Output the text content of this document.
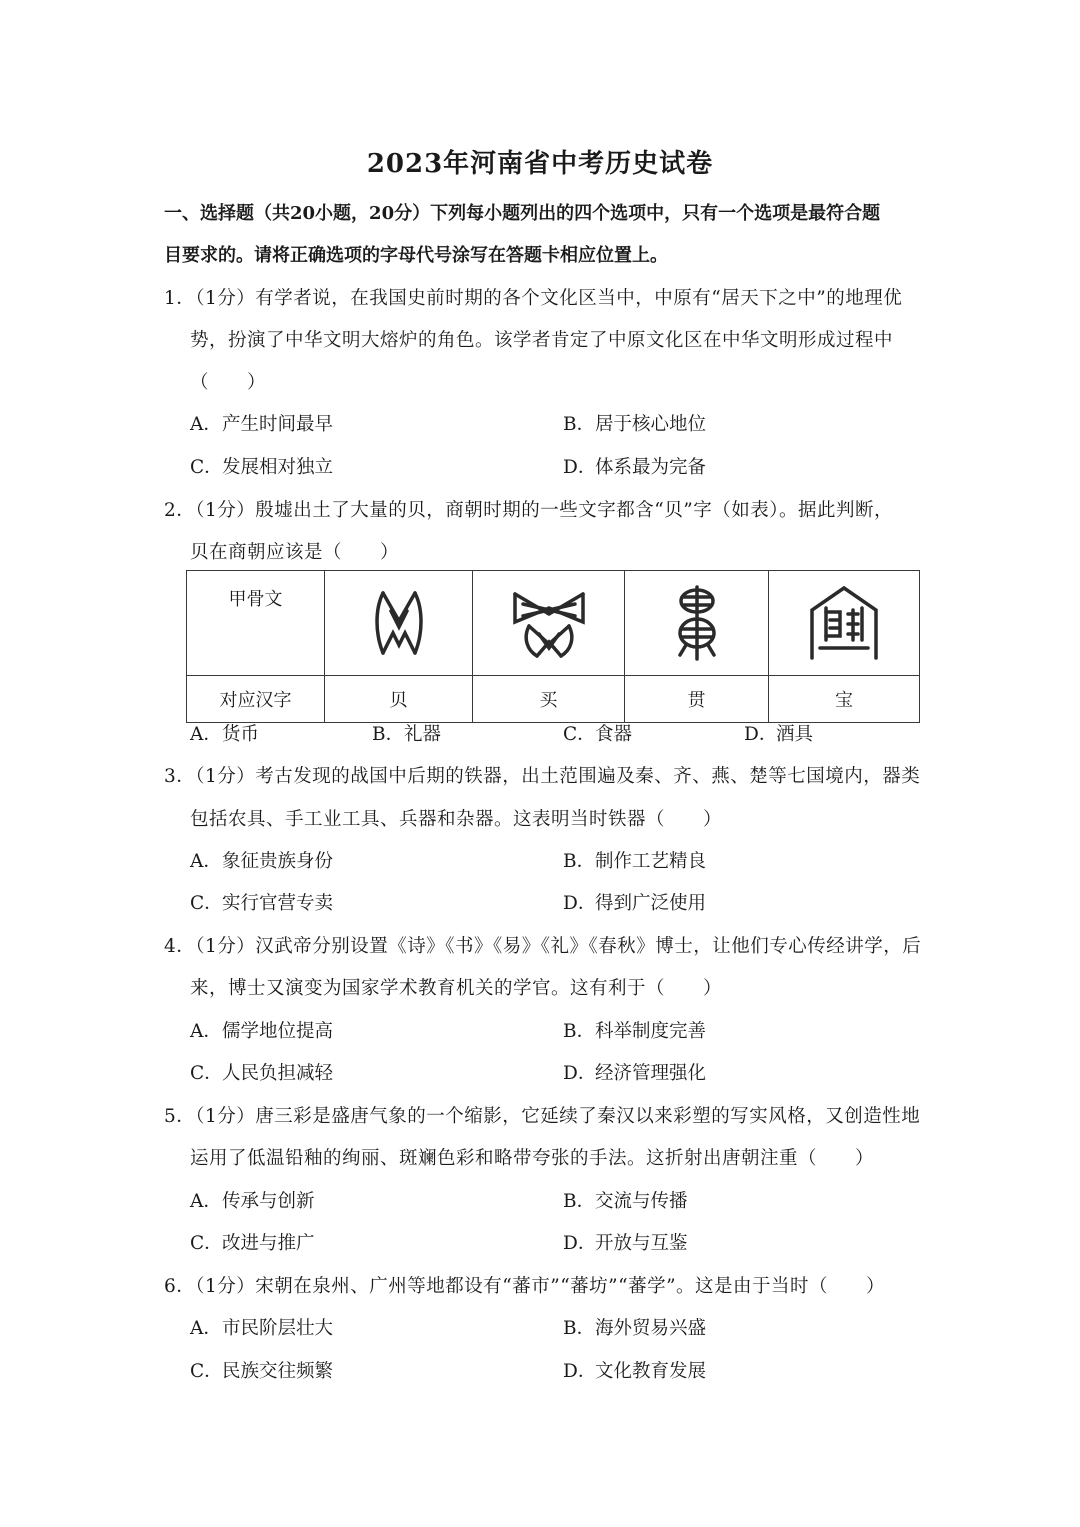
2023年河南省中考历史试卷
一、选择题（共20小题，20分）下列每小题列出的四个选项中，只有一个选项是最符合题
目要求的。请将正确选项的字母代号涂写在答题卡相应位置上。
1．（1分）有学者说，在我国史前时期的各个文化区当中，中原有“居天下之中”的地理优
势，扮演了中华文明大熔炉的角色。该学者肯定了中原文化区在中华文明形成过程中
（　　）
A．产生时间最早	B．居于核心地位
C．发展相对独立	D．体系最为完备
2．（1分）殷墟出土了大量的贝，商朝时期的一些文字都含“贝”字（如表）。据此判断，
贝在商朝应该是（　　）
甲骨文	

对应汉字	贝	买	贯	宝
A．货币	B．礼器	C．食器	D．酒具
3．（1分）考古发现的战国中后期的铁器，出土范围遍及秦、齐、燕、楚等七国境内，器类
包括农具、手工业工具、兵器和杂器。这表明当时铁器（　　）
A．象征贵族身份	B．制作工艺精良
C．实行官营专卖	D．得到广泛使用
4．（1分）汉武帝分别设置《诗》《书》《易》《礼》《春秋》博士，让他们专心传经讲学，后
来，博士又演变为国家学术教育机关的学官。这有利于（　　）
A．儒学地位提高	B．科举制度完善
C．人民负担减轻	D．经济管理强化
5．（1分）唐三彩是盛唐气象的一个缩影，它延续了秦汉以来彩塑的写实风格，又创造性地
运用了低温铅釉的绚丽、斑斓色彩和略带夸张的手法。这折射出唐朝注重（　　）
A．传承与创新	B．交流与传播
C．改进与推广	D．开放与互鉴
6．（1分）宋朝在泉州、广州等地都设有“蕃市”“蕃坊”“蕃学”。这是由于当时（　　）
A．市民阶层壮大	B．海外贸易兴盛
C．民族交往频繁	D．文化教育发展
